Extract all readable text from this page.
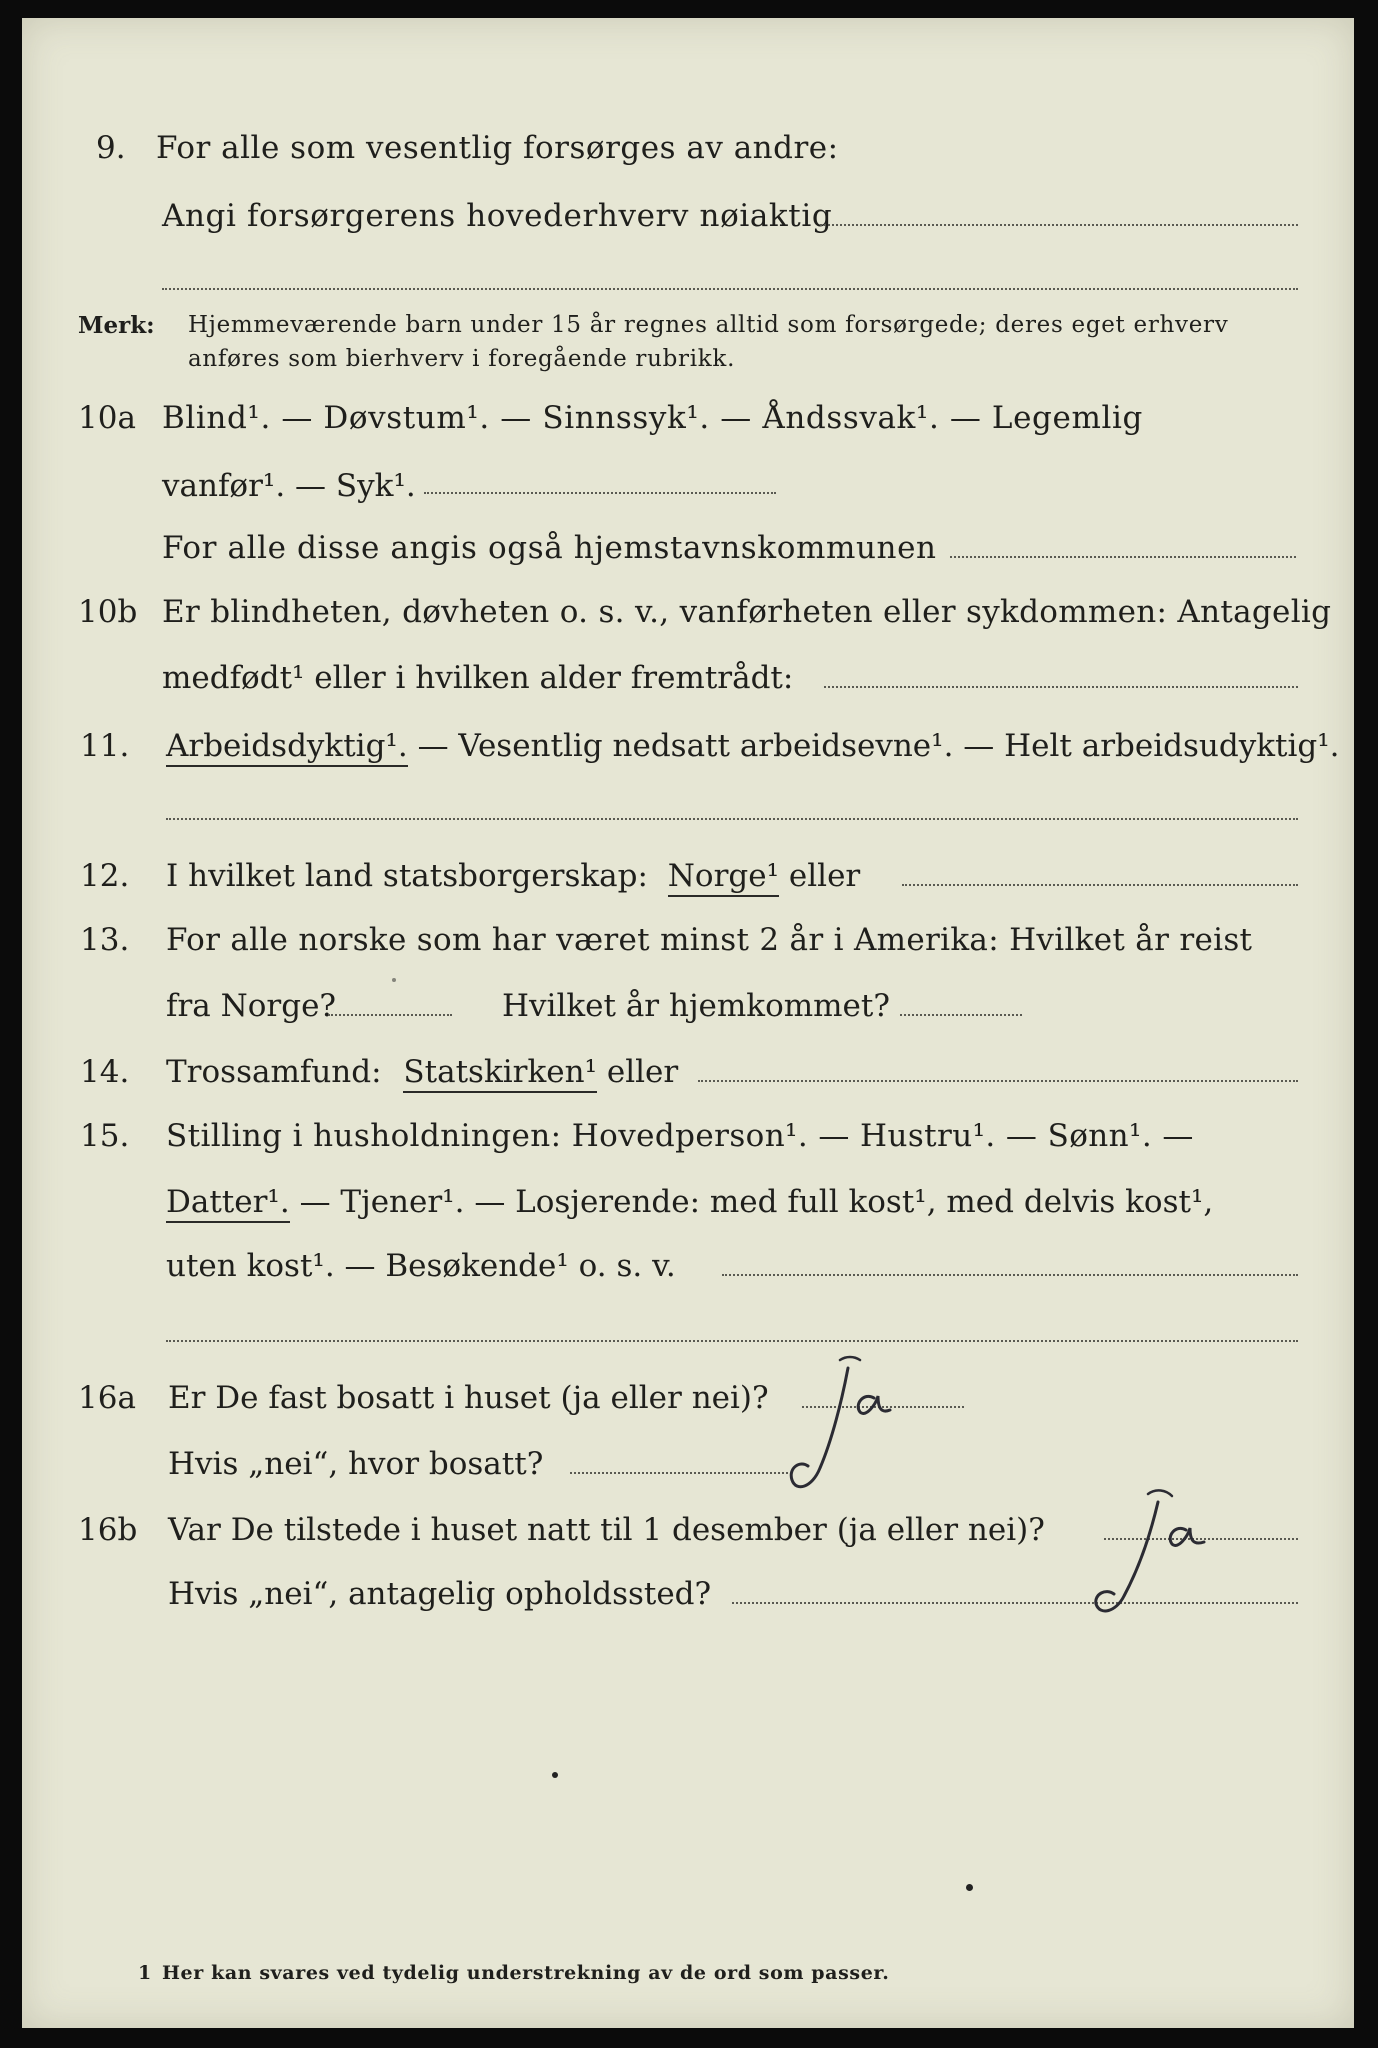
9. For alle som vesentlig forsørges av andre:
Angi forsørgerens hovederhverv nøiaktig
Merk: Hjemmeværende barn under 15 år regnes alltid som forsørgede; deres eget erhverv
anføres som bierhverv i foregående rubrikk.
10a Blind¹. — Døvstum¹. — Sinnssyk¹. — Åndssvak¹. — Legemlig
vanfør¹. — Syk¹.
For alle disse angis også hjemstavnskommunen
10b Er blindheten, døvheten o. s. v., vanførheten eller sykdommen: Antagelig
medfødt¹ eller i hvilken alder fremtrådt:
11. Arbeidsdyktig¹. — Vesentlig nedsatt arbeidsevne¹. — Helt arbeidsudyktig¹.
12. I hvilket land statsborgerskap: Norge¹ eller
13. For alle norske som har været minst 2 år i Amerika: Hvilket år reist
fra Norge?	Hvilket år hjemkommet?
14. Trossamfund: Statskirken¹ eller
15. Stilling i husholdningen: Hovedperson¹. — Hustru¹. — Sønn¹. —
Datter¹. — Tjener¹. — Losjerende: med full kost¹, med delvis kost¹,
uten kost¹. — Besøkende¹ o. s. v.
16a Er De fast bosatt i huset (ja eller nei)?
Hvis „nei“, hvor bosatt?
Ja
16b Var De tilstede i huset natt til 1 desember (ja eller nei)?
Hvis „nei“, antagelig opholdssted?
Ja
1 Her kan svares ved tydelig understrekning av de ord som passer.
